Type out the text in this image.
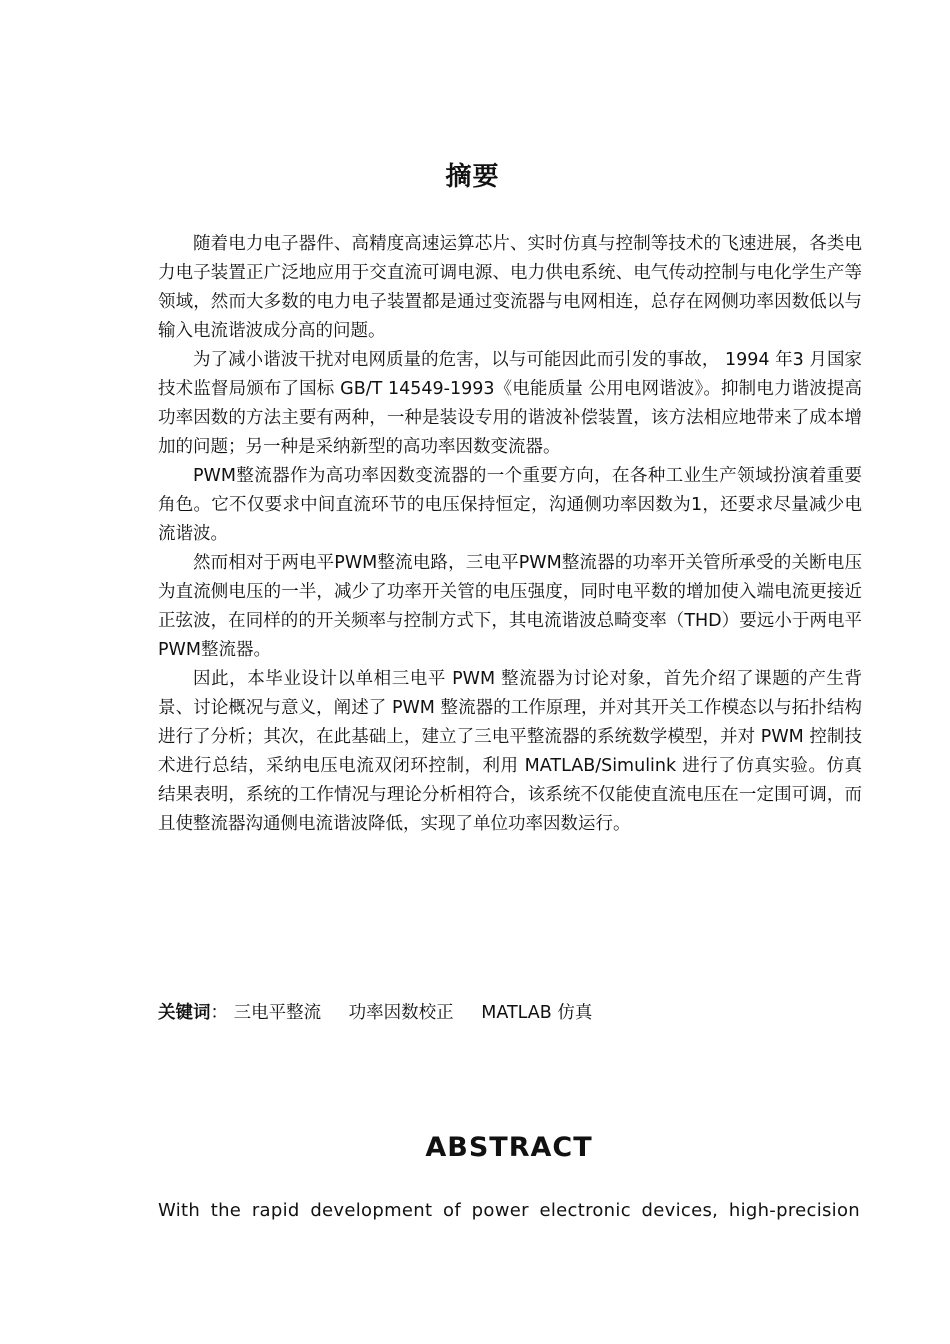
摘要

随着电力电子器件、高精度高速运算芯片、实时仿真与控制等技术的飞速进展，各类电力电子装置正广泛地应用于交直流可调电源、电力供电系统、电气传动控制与电化学生产等领域，然而大多数的电力电子装置都是通过变流器与电网相连，总存在网侧功率因数低以与输入电流谐波成分高的问题。

为了减小谐波干扰对电网质量的危害，以与可能因此而引发的事故， 1994 年3 月国家技术监督局颁布了国标 GB/T 14549-1993《电能质量 公用电网谐波》。抑制电力谐波提高功率因数的方法主要有两种，一种是装设专用的谐波补偿装置，该方法相应地带来了成本增加的问题；另一种是采纳新型的高功率因数变流器。

PWM整流器作为高功率因数变流器的一个重要方向，在各种工业生产领域扮演着重要角色。它不仅要求中间直流环节的电压保持恒定，沟通侧功率因数为1，还要求尽量减少电流谐波。

然而相对于两电平PWM整流电路，三电平PWM整流器的功率开关管所承受的关断电压为直流侧电压的一半，减少了功率开关管的电压强度，同时电平数的增加使入端电流更接近正弦波，在同样的的开关频率与控制方式下，其电流谐波总畸变率（THD）要远小于两电平PWM整流器。

因此，本毕业设计以单相三电平 PWM 整流器为讨论对象，首先介绍了课题的产生背景、讨论概况与意义，阐述了 PWM 整流器的工作原理，并对其开关工作模态以与拓扑结构进行了分析；其次，在此基础上，建立了三电平整流器的系统数学模型，并对 PWM 控制技术进行总结，采纳电压电流双闭环控制，利用 MATLAB/Simulink 进行了仿真实验。仿真结果表明，系统的工作情况与理论分析相符合，该系统不仅能使直流电压在一定围可调，而且使整流器沟通侧电流谐波降低，实现了单位功率因数运行。

关键词： 三电平整流 功率因数校正 MATLAB 仿真
ABSTRACT

With the rapid development of power electronic devices, high-precision
